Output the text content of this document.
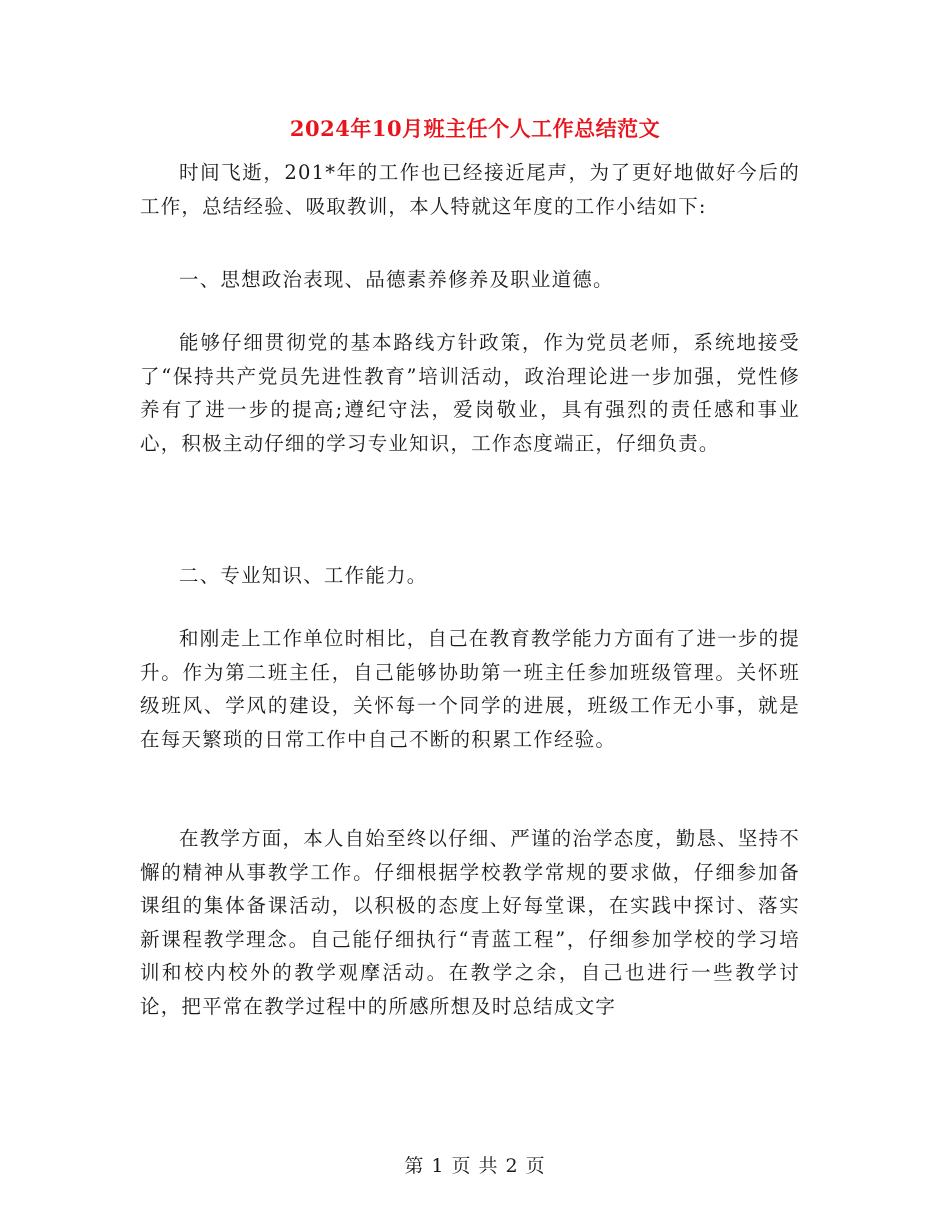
2024年10月班主任个人工作总结范文

时间飞逝，201*年的工作也已经接近尾声，为了更好地做好今后的工作，总结经验、吸取教训，本人特就这年度的工作小结如下:

一、思想政治表现、品德素养修养及职业道德。

能够仔细贯彻党的基本路线方针政策，作为党员老师，系统地接受了“保持共产党员先进性教育”培训活动，政治理论进一步加强，党性修养有了进一步的提高;遵纪守法，爱岗敬业，具有强烈的责任感和事业心，积极主动仔细的学习专业知识，工作态度端正，仔细负责。

二、专业知识、工作能力。

和刚走上工作单位时相比，自己在教育教学能力方面有了进一步的提升。作为第二班主任，自己能够协助第一班主任参加班级管理。关怀班级班风、学风的建设，关怀每一个同学的进展，班级工作无小事，就是在每天繁琐的日常工作中自己不断的积累工作经验。

在教学方面，本人自始至终以仔细、严谨的治学态度，勤恳、坚持不懈的精神从事教学工作。仔细根据学校教学常规的要求做，仔细参加备课组的集体备课活动，以积极的态度上好每堂课，在实践中探讨、落实新课程教学理念。自己能仔细执行“青蓝工程”，仔细参加学校的学习培训和校内校外的教学观摩活动。在教学之余，自己也进行一些教学讨论，把平常在教学过程中的所感所想及时总结成文字

第 1 页 共 2 页
